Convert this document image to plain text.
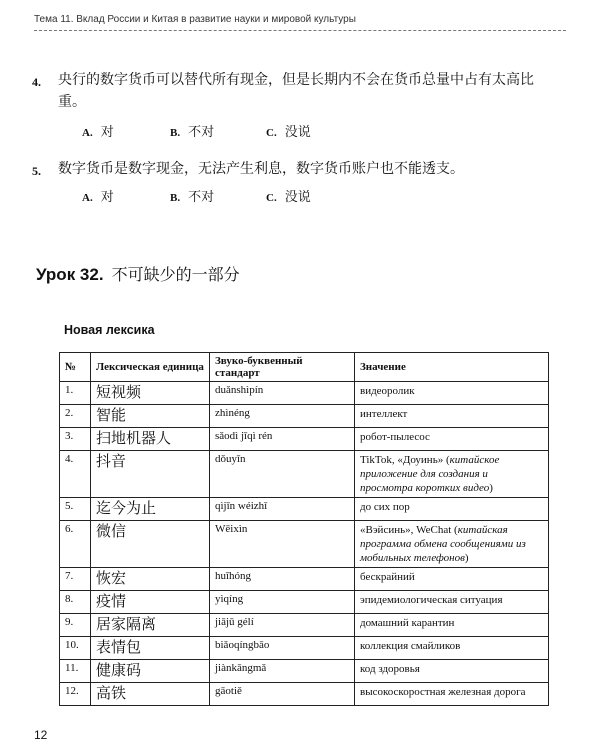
Тема 11. Вклад России и Китая в развитие науки и мировой культуры
4. 央行的数字货币可以替代所有现金，但是长期内不会在货币总量中占有太高比重。
A. 对	B. 不对	C. 没说
5. 数字货币是数字现金，无法产生利息，数字货币账户也不能透支。
A. 对	B. 不对	C. 没说
Урок 32. 不可缺少的一部分
Новая лексика
№	Лексическая единица	Звуко-буквенный стандарт	Значение
1.	短视频	duǎnshìpín	видеоролик
2.	智能	zhìnéng	интеллект
3.	扫地机器人	sǎodì jīqì rén	робот-пылесос
4.	抖音	dǒuyīn	TikTok, «Доуинь» (китайское приложение для создания и просмотра коротких видео)
5.	迄今为止	qìjīn wéizhǐ	до сих пор
6.	微信	Wēixìn	«Вэйсинь», WeChat (китайская программа обмена сообщениями из мобильных телефонов)
7.	恢宏	huīhóng	бескрайний
8.	疫情	yìqíng	эпидемиологическая ситуация
9.	居家隔离	jiājū gélí	домашний карантин
10.	表情包	biǎoqíngbāo	коллекция смайликов
11.	健康码	jiànkāngmǎ	код здоровья
12.	高铁	gāotiě	высокоскоростная железная дорога
12
